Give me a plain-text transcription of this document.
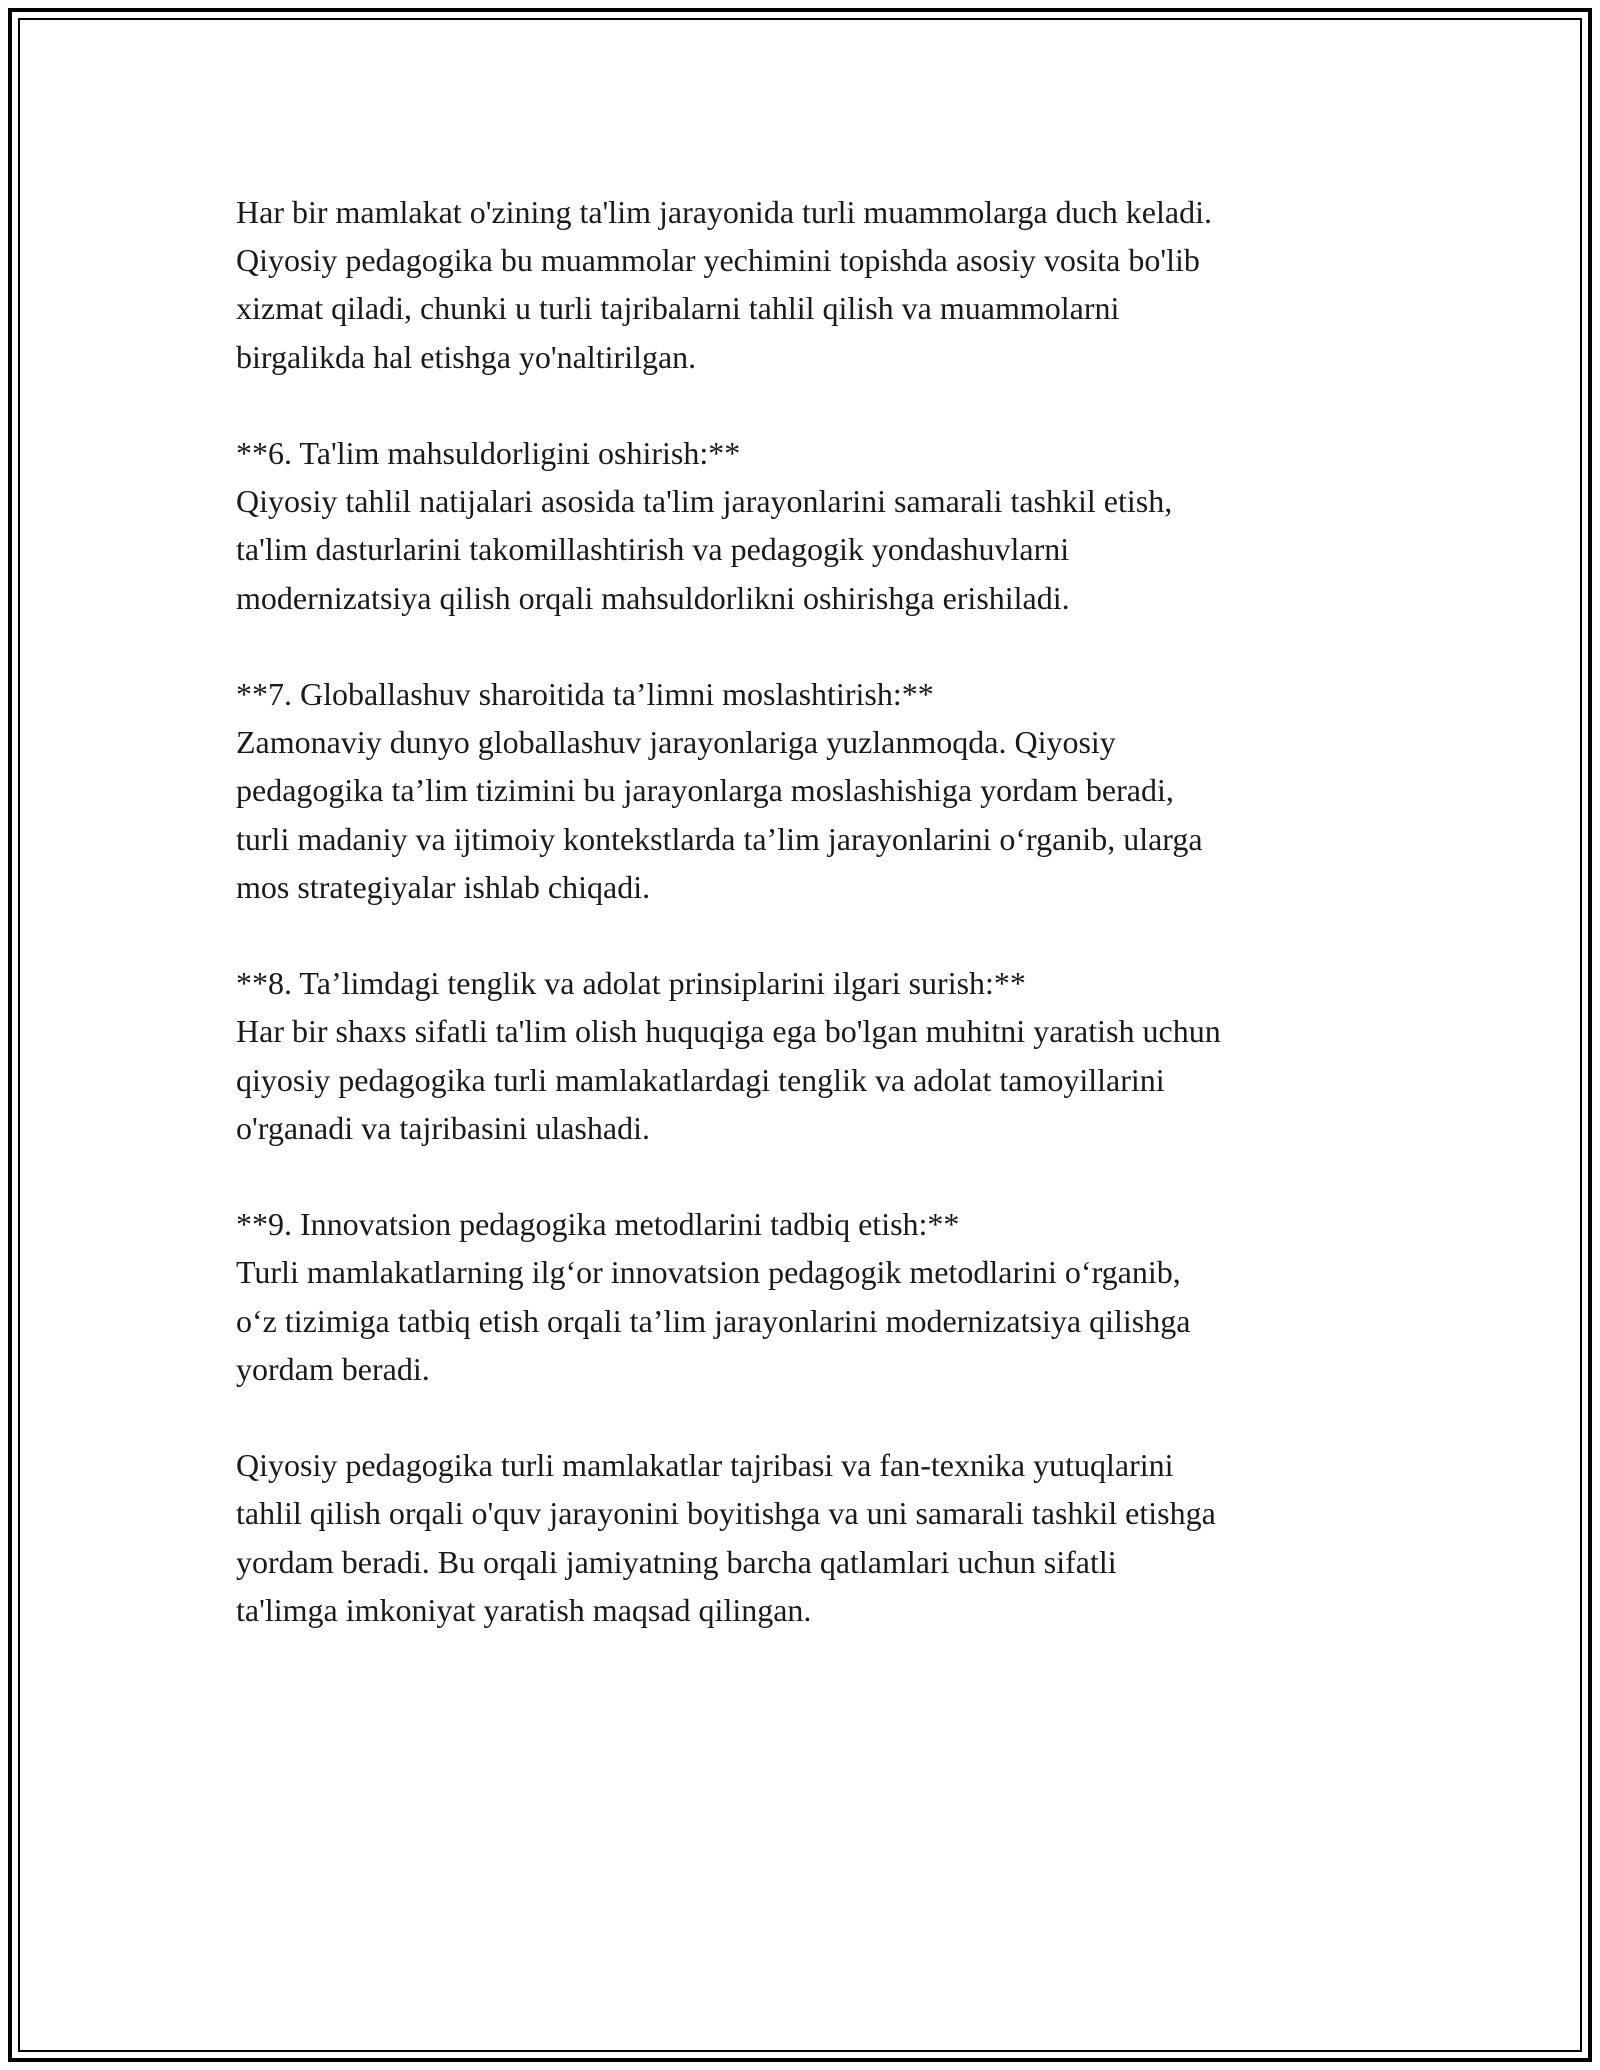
Har bir mamlakat o'zining ta'lim jarayonida turli muammolarga duch keladi.
Qiyosiy pedagogika bu muammolar yechimini topishda asosiy vosita bo'lib
xizmat qiladi, chunki u turli tajribalarni tahlil qilish va muammolarni
birgalikda hal etishga yo'naltirilgan.

**6. Ta'lim mahsuldorligini oshirish:**
Qiyosiy tahlil natijalari asosida ta'lim jarayonlarini samarali tashkil etish,
ta'lim dasturlarini takomillashtirish va pedagogik yondashuvlarni
modernizatsiya qilish orqali mahsuldorlikni oshirishga erishiladi.

**7. Globallashuv sharoitida ta’limni moslashtirish:**
Zamonaviy dunyo globallashuv jarayonlariga yuzlanmoqda. Qiyosiy
pedagogika ta’lim tizimini bu jarayonlarga moslashishiga yordam beradi,
turli madaniy va ijtimoiy kontekstlarda ta’lim jarayonlarini o‘rganib, ularga
mos strategiyalar ishlab chiqadi.

**8. Ta’limdagi tenglik va adolat prinsiplarini ilgari surish:**
Har bir shaxs sifatli ta'lim olish huquqiga ega bo'lgan muhitni yaratish uchun
qiyosiy pedagogika turli mamlakatlardagi tenglik va adolat tamoyillarini
o'rganadi va tajribasini ulashadi.

**9. Innovatsion pedagogika metodlarini tadbiq etish:**
Turli mamlakatlarning ilg‘or innovatsion pedagogik metodlarini o‘rganib,
o‘z tizimiga tatbiq etish orqali ta’lim jarayonlarini modernizatsiya qilishga
yordam beradi.

Qiyosiy pedagogika turli mamlakatlar tajribasi va fan-texnika yutuqlarini
tahlil qilish orqali o'quv jarayonini boyitishga va uni samarali tashkil etishga
yordam beradi. Bu orqali jamiyatning barcha qatlamlari uchun sifatli
ta'limga imkoniyat yaratish maqsad qilingan.
